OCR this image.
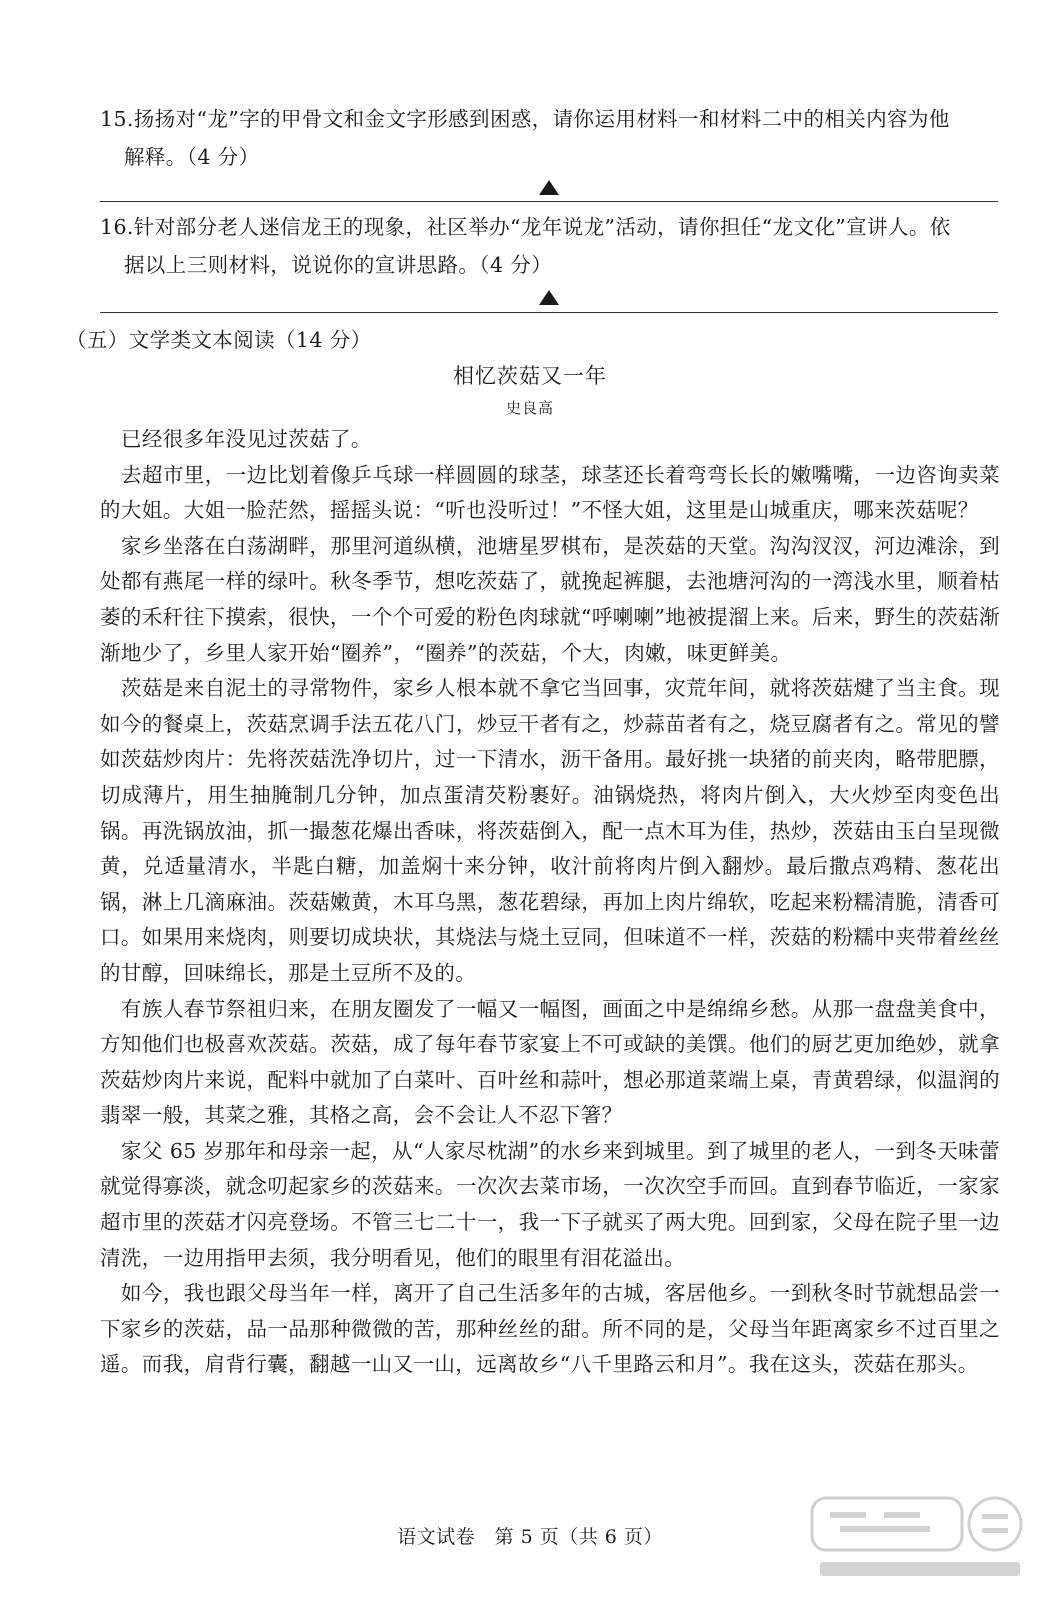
15.扬扬对“龙”字的甲骨文和金文字形感到困惑，请你运用材料一和材料二中的相关内容为他

解释。（4 分）

16.针对部分老人迷信龙王的现象，社区举办“龙年说龙”活动，请你担任“龙文化”宣讲人。依

据以上三则材料，说说你的宣讲思路。（4 分）

（五）文学类文本阅读（14 分）
相忆茨菇又一年
史良高

已经很多年没见过茨菇了。

去超市里，一边比划着像乒乓球一样圆圆的球茎，球茎还长着弯弯长长的嫩嘴嘴，一边咨询卖菜的大姐。大姐一脸茫然，摇摇头说：“听也没听过！”不怪大姐，这里是山城重庆，哪来茨菇呢？

家乡坐落在白荡湖畔，那里河道纵横，池塘星罗棋布，是茨菇的天堂。沟沟汊汊，河边滩涂，到处都有燕尾一样的绿叶。秋冬季节，想吃茨菇了，就挽起裤腿，去池塘河沟的一湾浅水里，顺着枯萎的禾秆往下摸索，很快，一个个可爱的粉色肉球就“呼喇喇”地被提溜上来。后来，野生的茨菇渐渐地少了，乡里人家开始“圈养”，“圈养”的茨菇，个大，肉嫩，味更鲜美。

茨菇是来自泥土的寻常物件，家乡人根本就不拿它当回事，灾荒年间，就将茨菇煡了当主食。现如今的餐桌上，茨菇烹调手法五花八门，炒豆干者有之，炒蒜苗者有之，烧豆腐者有之。常见的譬如茨菇炒肉片：先将茨菇洗净切片，过一下清水，沥干备用。最好挑一块猪的前夹肉，略带肥膘，切成薄片，用生抽腌制几分钟，加点蛋清芡粉裹好。油锅烧热，将肉片倒入，大火炒至肉变色出锅。再洗锅放油，抓一撮葱花爆出香味，将茨菇倒入，配一点木耳为佳，热炒，茨菇由玉白呈现微黄，兑适量清水，半匙白糖，加盖焖十来分钟，收汁前将肉片倒入翻炒。最后撒点鸡精、葱花出锅，淋上几滴麻油。茨菇嫩黄，木耳乌黑，葱花碧绿，再加上肉片绵软，吃起来粉糯清脆，清香可口。如果用来烧肉，则要切成块状，其烧法与烧土豆同，但味道不一样，茨菇的粉糯中夹带着丝丝的甘醇，回味绵长，那是土豆所不及的。

有族人春节祭祖归来，在朋友圈发了一幅又一幅图，画面之中是绵绵乡愁。从那一盘盘美食中，方知他们也极喜欢茨菇。茨菇，成了每年春节家宴上不可或缺的美馔。他们的厨艺更加绝妙，就拿茨菇炒肉片来说，配料中就加了白菜叶、百叶丝和蒜叶，想必那道菜端上桌，青黄碧绿，似温润的翡翠一般，其菜之雅，其格之高，会不会让人不忍下箸？

家父 65 岁那年和母亲一起，从“人家尽枕湖”的水乡来到城里。到了城里的老人，一到冬天味蕾就觉得寡淡，就念叨起家乡的茨菇来。一次次去菜市场，一次次空手而回。直到春节临近，一家家超市里的茨菇才闪亮登场。不管三七二十一，我一下子就买了两大兜。回到家，父母在院子里一边清洗，一边用指甲去须，我分明看见，他们的眼里有泪花溢出。

如今，我也跟父母当年一样，离开了自己生活多年的古城，客居他乡。一到秋冬时节就想品尝一下家乡的茨菇，品一品那种微微的苦，那种丝丝的甜。所不同的是，父母当年距离家乡不过百里之遥。而我，肩背行囊，翻越一山又一山，远离故乡“八千里路云和月”。我在这头，茨菇在那头。

语文试卷　第 5 页（共 6 页）
